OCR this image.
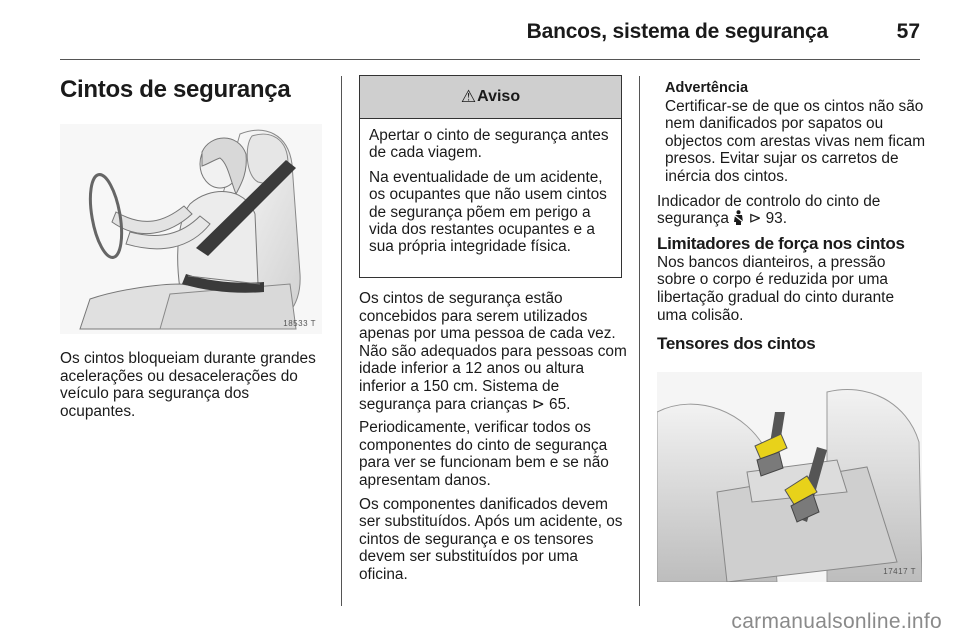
Bancos, sistema de segurança	57
Cintos de segurança
18533 T

Os cintos bloqueiam durante grandes acelerações ou desacelerações do veículo para segurança dos ocupantes.

⚠ Aviso

Apertar o cinto de segurança antes de cada viagem.

Na eventualidade de um acidente, os ocupantes que não usem cintos de segurança põem em perigo a vida dos restantes ocupantes e a sua própria integridade física.

Os cintos de segurança estão concebidos para serem utilizados apenas por uma pessoa de cada vez. Não são adequados para pessoas com idade inferior a 12 anos ou altura inferior a 150 cm. Sistema de segurança para crianças ⊳ 65.

Periodicamente, verificar todos os componentes do cinto de segurança para ver se funcionam bem e se não apresentam danos.

Os componentes danificados devem ser substituídos. Após um acidente, os cintos de segurança e os tensores devem ser substituídos por uma oficina.

Advertência
Certificar-se de que os cintos não são nem danificados por sapatos ou objectos com arestas vivas nem ficam presos. Evitar sujar os carretos de inércia dos cintos.

Indicador de controlo do cinto de segurança ⊳ 93.

Limitadores de força nos cintos

Nos bancos dianteiros, a pressão sobre o corpo é reduzida por uma libertação gradual do cinto durante uma colisão.

Tensores dos cintos
17417 T
carmanualsonline.info
